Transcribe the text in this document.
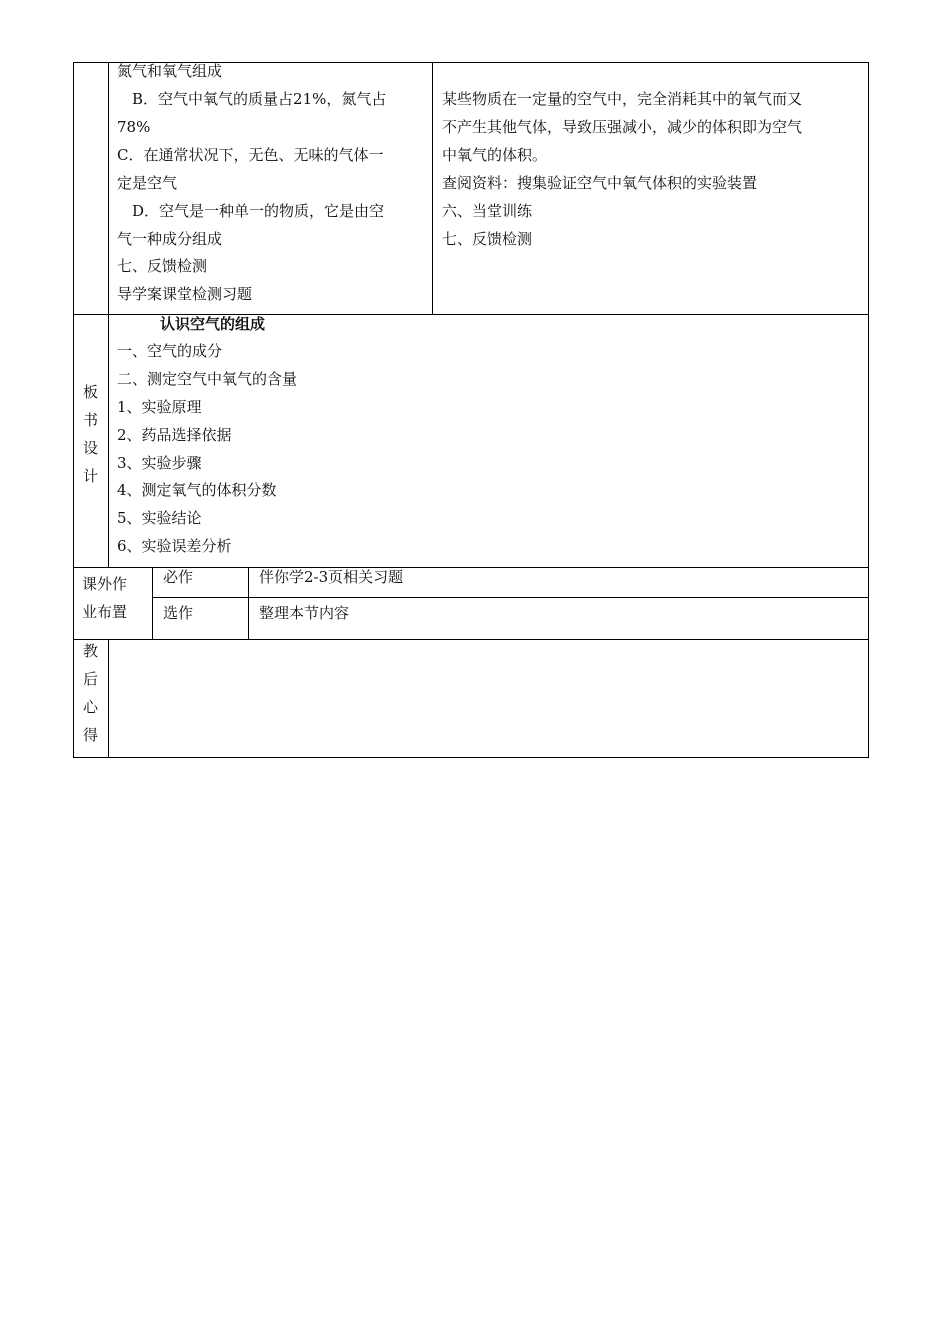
氮气和氧气组成
　B．空气中氧气的质量占21%，氮气占
78%
C．在通常状况下，无色、无味的气体一
定是空气
　D．空气是一种单一的物质，它是由空
气一种成分组成
七、反馈检测
导学案课堂检测习题
某些物质在一定量的空气中，完全消耗其中的氧气而又
不产生其他气体，导致压强减小，减少的体积即为空气
中氧气的体积。
查阅资料：搜集验证空气中氧气体积的实验装置
六、当堂训练
七、反馈检测
板
书
设
计
认识空气的组成
一、空气的成分
二、测定空气中氧气的含量
1、实验原理
2、药品选择依据
3、实验步骤
4、测定氧气的体积分数
5、实验结论
6、实验误差分析
课外作
业布置
必作	伴你学2-3页相关习题
选作	整理本节内容
教
后
心
得
